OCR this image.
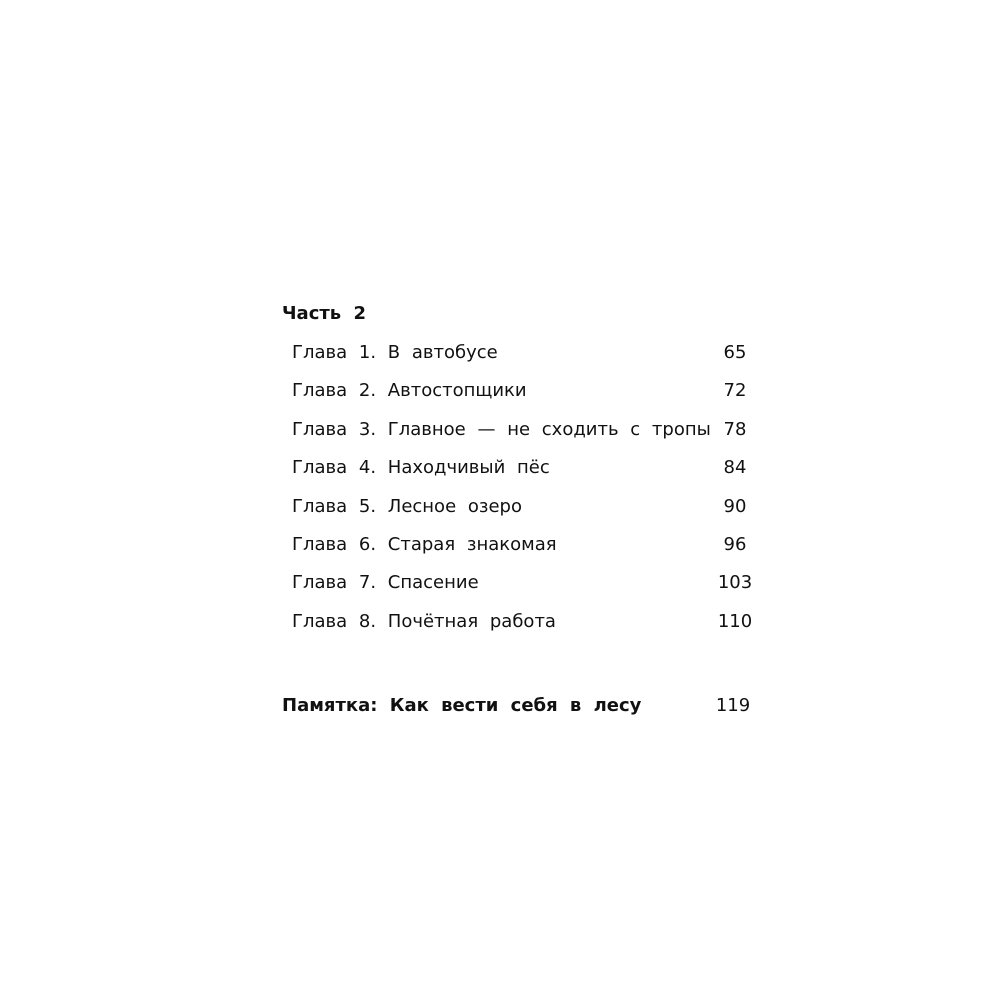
Часть 2
Глава 1. В автобусе	65
Глава 2. Автостопщики	72
Глава 3. Главное — не сходить с тропы 78
Глава 4. Находчивый пёс	84
Глава 5. Лесное озеро	90
Глава 6. Старая знакомая	96
Глава 7. Спасение	103
Глава 8. Почётная работа	110
Памятка: Как вести себя в лесу	119
